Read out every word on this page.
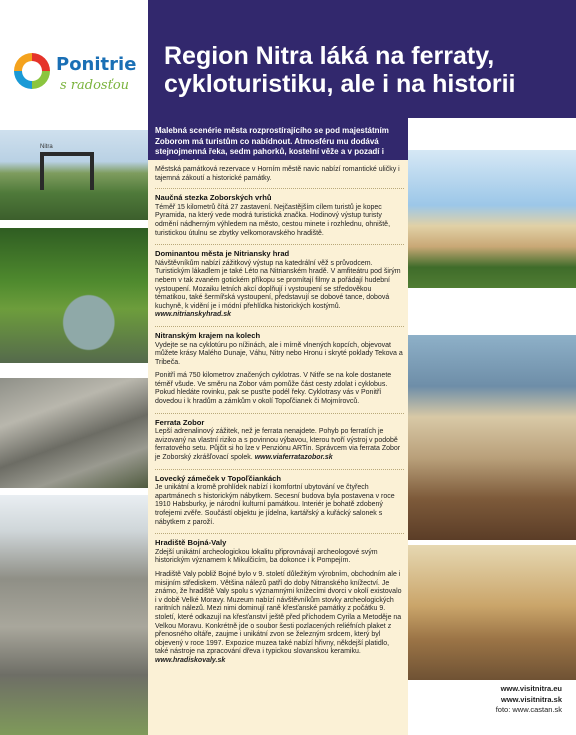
Ponitrie
s radosťou
Region Nitra láká na ferraty, cykloturistiku, ale i na historii
Malebná scenérie města rozprostírajícího se pod majestátním Zoborom má turistům co nabídnout. Atmosféru mu dodává stejnojmenná řeka, sedm pahorků, kostelní věže a v pozadí i
Nitra

Městská památková rezervace v Horním městě navic nabízí romantické uličky i tajemná zákoutí a historické památky.

Naučná stezka Zoborských vrhů

Téměř 15 kilometrů čítá 27 zastavení. Nejčastějším cílem turistů je kopec Pyramida, na který vede modrá turistická značka. Hodinový výstup turisty odmění nádherným výhledem na město, cestou minete i rozhlednu, ohniště, turistickou útulnu se zbytky velkomoravského hradiště.

Dominantou města je Nitriansky hrad

Návštěvníkům nabízí zážitkový výstup na katedrální věž s průvodcem. Turistickým lákadlem je také Léto na Nitrianském hradě. V amfiteátru pod širým nebem v tak zvaném gotickém příkopu se promítají filmy a pořádají hudební vystoupení. Mozaiku letních akcí doplňují i vystoupení se středověkou tématikou, také šermířská vystoupení, představují se dobové tance, dobová kuchyně, k vidění je i módní přehlídka historických kostýmů. www.nitrianskyhrad.sk

Nitranským krajem na kolech

Vydejte se na cyklotúru po nížinách, ale i mírně vlnených kopcích, objevovat můžete krásy Malého Dunaje, Váhu, Nitry nebo Hronu i skryté poklady Tekova a Tribeča.

Ponitří má 750 kilometrov značených cyklotras. V Nitře se na kole dostanete téměř všude. Ve směru na Zobor vám pomůže část cesty zdolat i cyklobus. Pokud hledáte rovinku, pak se pusťte podél řeky. Cyklotrasy vás v Ponitří dovedou i k hradům a zámkům v okolí Topoľčianek či Mojmírovců.

Ferrata Zobor

Lepší adrenalinový zážitek, než je ferrata nenajdete. Pohyb po ferratích je avizovaný na vlastní riziko a s povinnou výbavou, kterou tvoří výstroj v podobě ferratového setu. Půjčit si ho lze v Penziónu ARTin. Správcem via ferrata Zobor je Zoborský zkrášľovací spolek. www.viaferratazobor.sk

Lovecký zámeček v Topoľčiankách

Je unikátní a kromě prohlídek nabízí i komfortní ubytování ve čtyřech apartmánech s historickým nábytkem. Secesní budova byla postavena v roce 1910 Habsburky, je národní kulturní památkou. Interiér je bohatě zdobený trofejemi zvěře. Součástí objektu je jídelna, kartářský a kuřácký salonek s nábytkem z paroží.

Hradiště Bojná-Valy

Zdejší unikátní archeologickou lokalitu připrovnávají archeologové svým historickým významem k Mikulčicím, ba dokonce i k Pompejím.

Hradiště Valy pobliž Bojné bylo v 9. století důležitým výrobním, obchodním ale i misijním střediskem. Většina nálezů patří do doby Nitranského knížectví. Je známo, že hradiště Valy spolu s významnými knížecími dvorci v okolí existovalo i v době Velké Moravy. Muzeum nabízí návštěvníkům stovky archeologických raritních nálezů. Mezi nimi dominují raně křesťanské památky z počátku 9. století, které odkazují na křesťanství ještě před příchodem Cyrila a Metoděje na Velkou Moravu. Konkrétně jde o soubor šesti pozlacených reliéfních plaket z přenosného oltáře, zaujme i unikátní zvon se železným srdcem, který byl objevený v roce 1997. Expozice muzea také nabízí hřivny, někdejší platidlo, také nástroje na zpracování dřeva i typickou slovanskou keramiku. www.hradiskovaly.sk

www.visitnitra.eu
www.visitnitra.sk
foto: www.castan.sk
